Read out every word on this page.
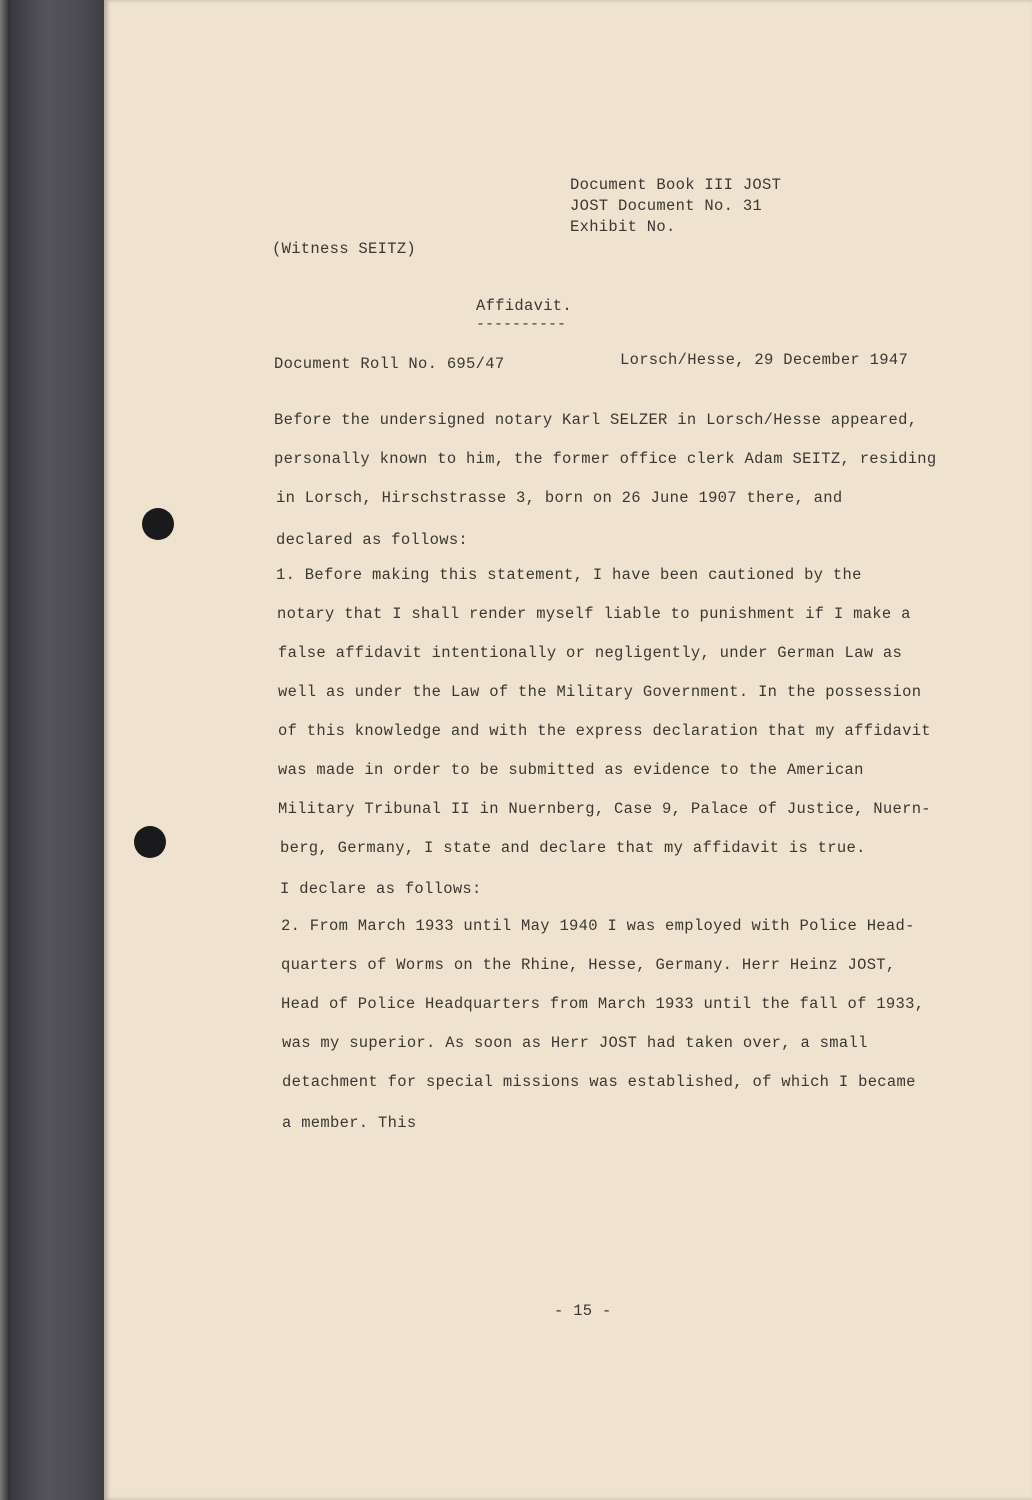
Document Book III JOST
JOST Document No. 31
Exhibit No.
(Witness SEITZ)
Affidavit.
----------
Document Roll No. 695/47	Lorsch/Hesse, 29 December 1947
Before the undersigned notary Karl SELZER in Lorsch/Hesse appeared,
personally known to him, the former office clerk Adam SEITZ, residing
in Lorsch, Hirschstrasse 3, born on 26 June 1907 there, and
declared as follows:
1. Before making this statement, I have been cautioned by the
notary that I shall render myself liable to punishment if I make a
false affidavit intentionally or negligently, under German Law as
well as under the Law of the Military Government. In the possession
of this knowledge and with the express declaration that my affidavit
was made in order to be submitted as evidence to the American
Military Tribunal II in Nuernberg, Case 9, Palace of Justice, Nuern-
berg, Germany, I state and declare that my affidavit is true.
I declare as follows:
2. From March 1933 until May 1940 I was employed with Police Head-
quarters of Worms on the Rhine, Hesse, Germany. Herr Heinz JOST,
Head of Police Headquarters from March 1933 until the fall of 1933,
was my superior. As soon as Herr JOST had taken over, a small
detachment for special missions was established, of which I became
a member. This
- 15 -
